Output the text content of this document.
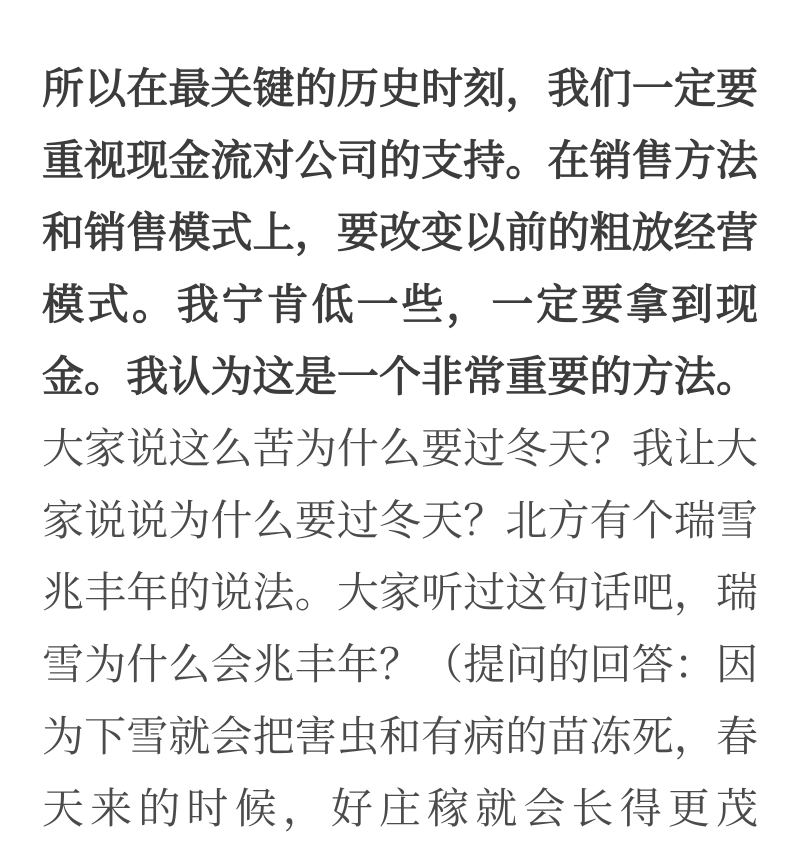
所以在最关键的历史时刻，我们一定要
重视现金流对公司的支持。在销售方法
和销售模式上，要改变以前的粗放经营
模式。我宁肯低一些，一定要拿到现
金。我认为这是一个非常重要的方法。
大家说这么苦为什么要过冬天？我让大
家说说为什么要过冬天？北方有个瑞雪
兆丰年的说法。大家听过这句话吧，瑞
雪为什么会兆丰年？（提问的回答：因
为下雪就会把害虫和有病的苗冻死，春
天来的时候，好庄稼就会长得更茂
